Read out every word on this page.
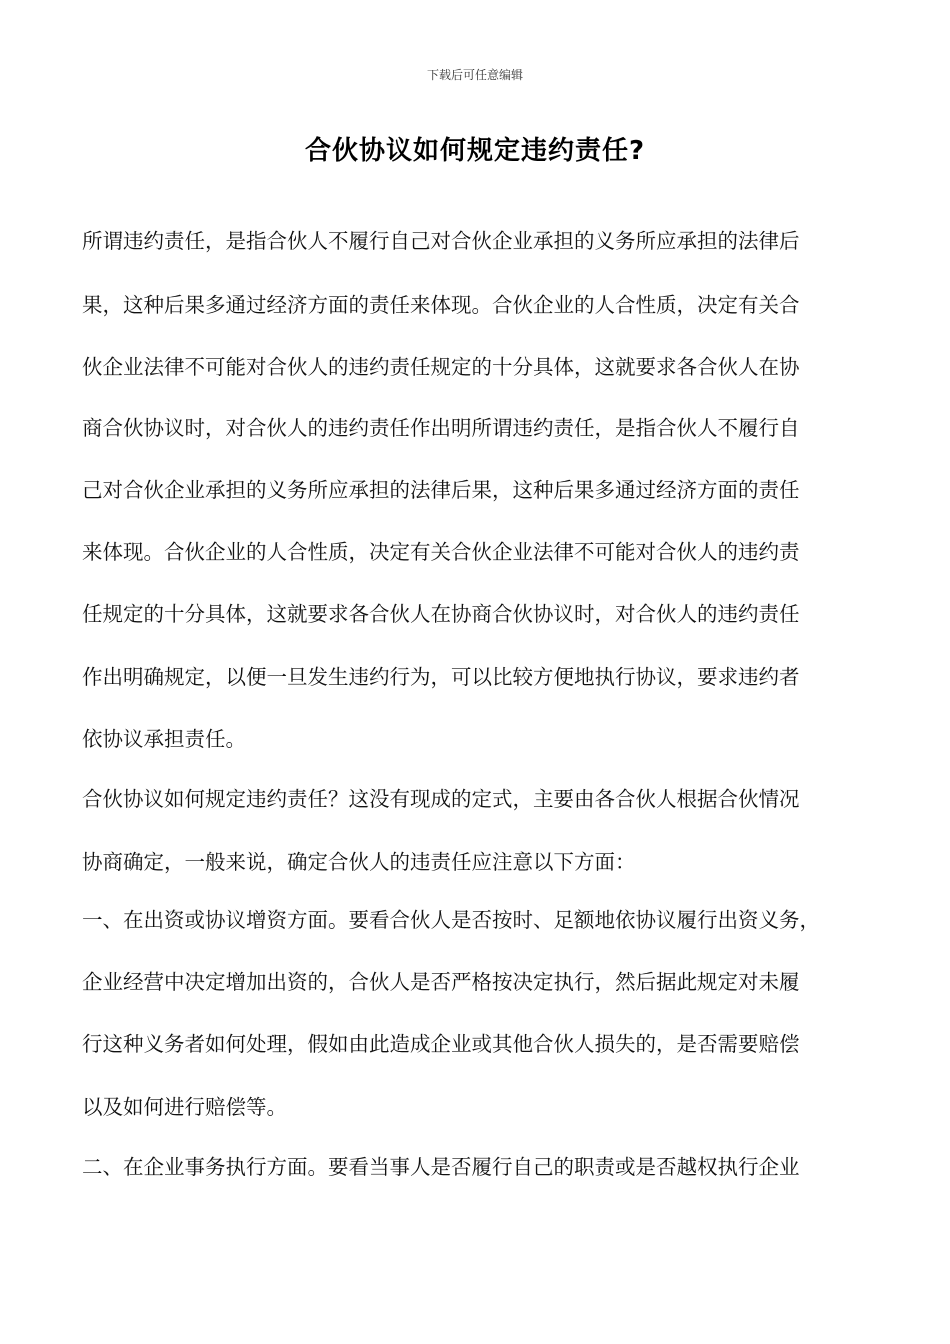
下载后可任意编辑
合伙协议如何规定违约责任?
所谓违约责任，是指合伙人不履行自己对合伙企业承担的义务所应承担的法律后
果，这种后果多通过经济方面的责任来体现。合伙企业的人合性质，决定有关合
伙企业法律不可能对合伙人的违约责任规定的十分具体，这就要求各合伙人在协
商合伙协议时，对合伙人的违约责任作出明所谓违约责任，是指合伙人不履行自
己对合伙企业承担的义务所应承担的法律后果，这种后果多通过经济方面的责任
来体现。合伙企业的人合性质，决定有关合伙企业法律不可能对合伙人的违约责
任规定的十分具体，这就要求各合伙人在协商合伙协议时，对合伙人的违约责任
作出明确规定，以便一旦发生违约行为，可以比较方便地执行协议，要求违约者
依协议承担责任。
合伙协议如何规定违约责任？这没有现成的定式，主要由各合伙人根据合伙情况
协商确定，一般来说，确定合伙人的违责任应注意以下方面：
一、在出资或协议增资方面。要看合伙人是否按时、足额地依协议履行出资义务，
企业经营中决定增加出资的，合伙人是否严格按决定执行，然后据此规定对未履
行这种义务者如何处理，假如由此造成企业或其他合伙人损失的，是否需要赔偿
以及如何进行赔偿等。
二、在企业事务执行方面。要看当事人是否履行自己的职责或是否越权执行企业
